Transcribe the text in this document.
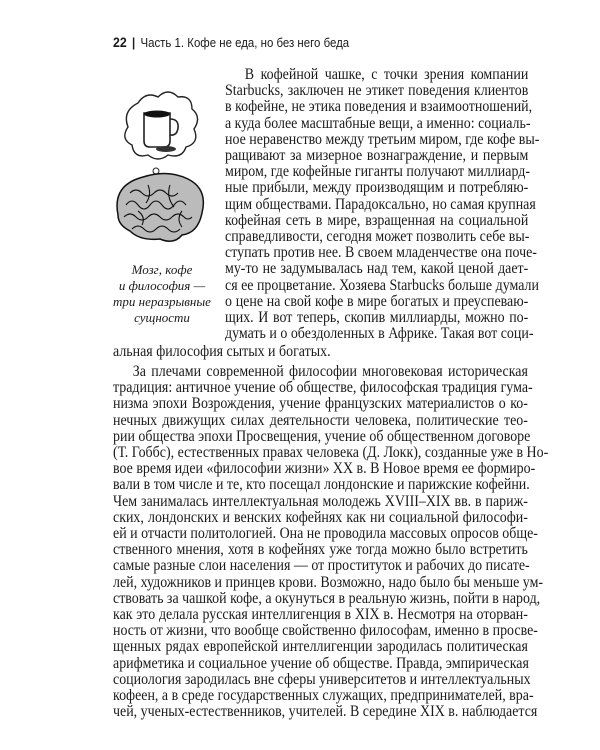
22 | Часть 1. Кофе не еда, но без него беда
Мозг, кофе
и философия —
три неразрывные
сущности
В кофейной чашке, с точки зрения компании
Starbucks, заключен не этикет поведения клиентов
в кофейне, не этика поведения и взаимоотношений,
а куда более масштабные вещи, а именно: социаль-
ное неравенство между третьим миром, где кофе вы-
ращивают за мизерное вознаграждение, и первым
миром, где кофейные гиганты получают миллиард-
ные прибыли, между производящим и потребляю-
щим обществами. Парадоксально, но самая крупная
кофейная сеть в мире, взращенная на социальной
справедливости, сегодня может позволить себе вы-
ступать против нее. В своем младенчестве она поче-
му-то не задумывалась над тем, какой ценой дает-
ся ее процветание. Хозяева Starbucks больше думали
о цене на свой кофе в мире богатых и преуспеваю-
щих. И вот теперь, скопив миллиарды, можно по-
думать и о обездоленных в Африке. Такая вот соци-
альная философия сытых и богатых.
За плечами современной философии многовековая историческая
традиция: античное учение об обществе, философская традиция гума-
низма эпохи Возрождения, учение французских материалистов о ко-
нечных движущих силах деятельности человека, политические тео-
рии общества эпохи Просвещения, учение об общественном договоре
(Т. Гоббс), естественных правах человека (Д. Локк), созданные уже в Но-
вое время идеи «философии жизни» XX в. В Новое время ее формиро-
вали в том числе и те, кто посещал лондонские и парижские кофейни.
Чем занималась интеллектуальная молодежь XVIII–XIX вв. в париж-
ских, лондонских и венских кофейнях как ни социальной философи-
ей и отчасти политологией. Она не проводила массовых опросов обще-
ственного мнения, хотя в кофейнях уже тогда можно было встретить
самые разные слои населения — от проституток и рабочих до писате-
лей, художников и принцев крови. Возможно, надо было бы меньше ум-
ствовать за чашкой кофе, а окунуться в реальную жизнь, пойти в народ,
как это делала русская интеллигенция в XIX в. Несмотря на оторван-
ность от жизни, что вообще свойственно философам, именно в просве-
щенных рядах европейской интеллигенции зародилась политическая
арифметика и социальное учение об обществе. Правда, эмпирическая
социология зародилась вне сферы университетов и интеллектуальных
кофеен, а в среде государственных служащих, предпринимателей, вра-
чей, ученых-естественников, учителей. В середине XIX в. наблюдается
